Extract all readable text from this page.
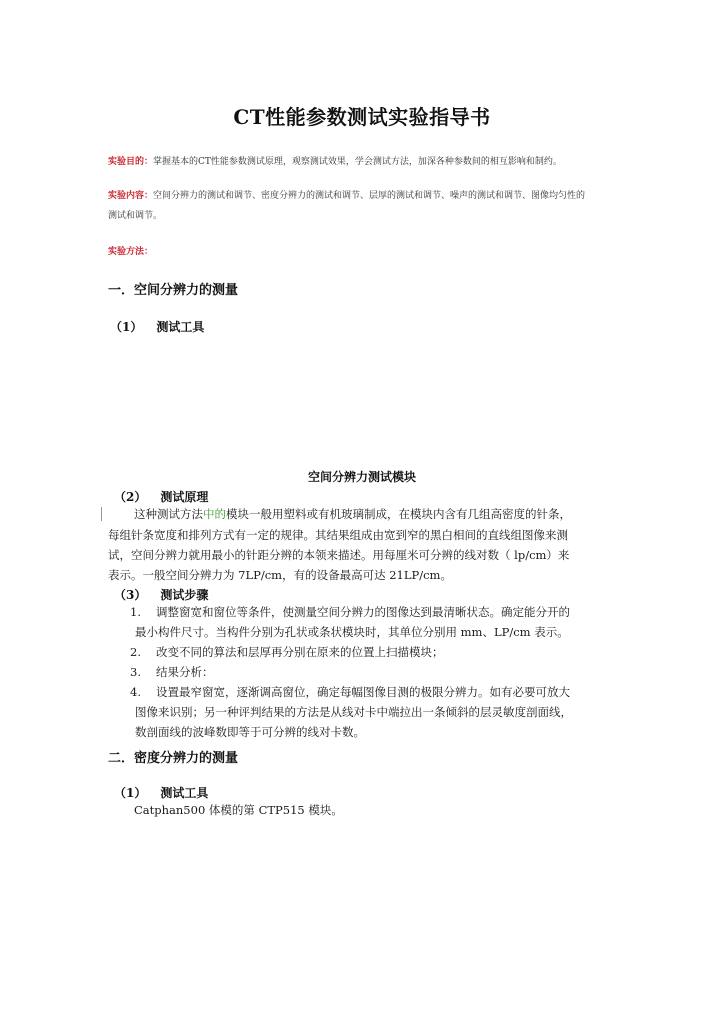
CT性能参数测试实验指导书
实验目的：掌握基本的CT性能参数测试原理，观察测试效果，学会测试方法，加深各种参数间的相互影响和制约。
实验内容：空间分辨力的测试和调节、密度分辨力的测试和调节、层厚的测试和调节、噪声的测试和调节、图像均匀性的
测试和调节。
实验方法：
一．空间分辨力的测量
（1） 测试工具
空间分辨力测试模块
（2） 测试原理
这种测试方法中的模块一般用塑料或有机玻璃制成，在模块内含有几组高密度的针条，
每组针条宽度和排列方式有一定的规律。其结果组成由宽到窄的黑白相间的直线组图像来测
试，空间分辨力就用最小的针距分辨的本领来描述。用每厘米可分辨的线对数（ lp/cm）来
表示。一般空间分辨力为 7LP/cm，有的设备最高可达 21LP/cm。
（3） 测试步骤
1. 调整窗宽和窗位等条件，使测量空间分辨力的图像达到最清晰状态。确定能分开的
最小构件尺寸。当构件分别为孔状或条状模块时，其单位分别用 mm、LP/cm 表示。
2. 改变不同的算法和层厚再分别在原来的位置上扫描模块；
3. 结果分析：
4. 设置最窄窗宽，逐渐调高窗位，确定每幅图像目测的极限分辨力。如有必要可放大
图像来识别；另一种评判结果的方法是从线对卡中端拉出一条倾斜的层灵敏度剖面线，
数剖面线的波峰数即等于可分辨的线对卡数。
二．密度分辨力的测量
（1） 测试工具
Catphan500 体模的第 CTP515 模块。
